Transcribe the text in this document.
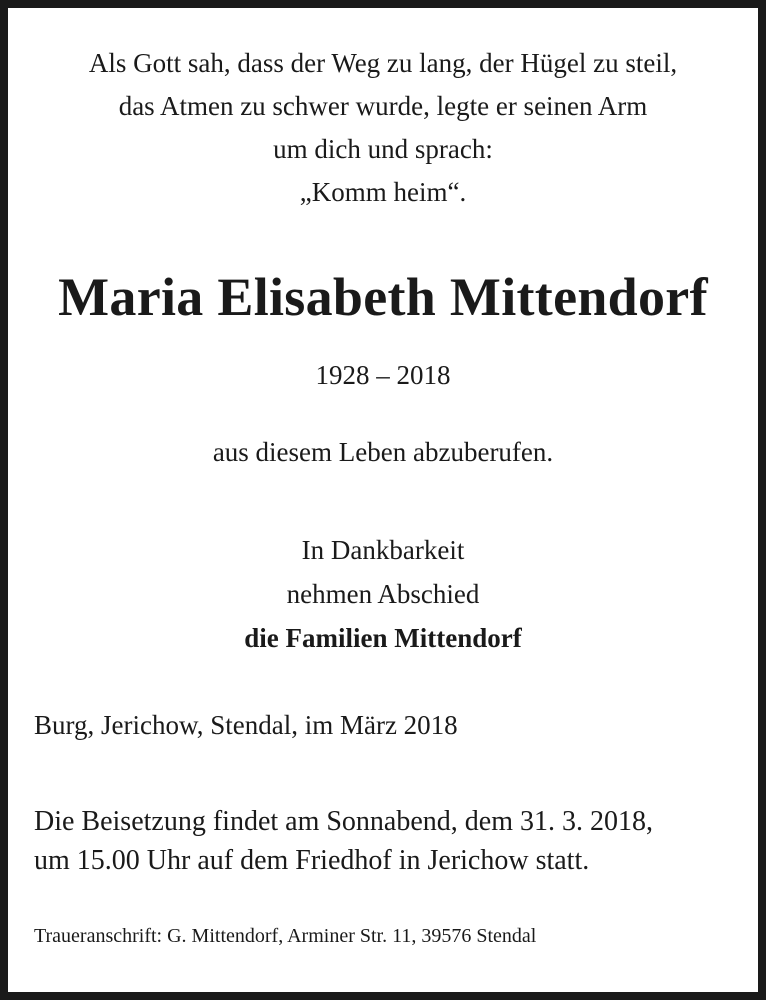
Als Gott sah, dass der Weg zu lang, der Hügel zu steil,
das Atmen zu schwer wurde, legte er seinen Arm
um dich und sprach:
„Komm heim“.
Maria Elisabeth Mittendorf
1928 – 2018
aus diesem Leben abzuberufen.
In Dankbarkeit
nehmen Abschied
die Familien Mittendorf
Burg, Jerichow, Stendal, im März 2018
Die Beisetzung findet am Sonnabend, dem 31. 3. 2018,
um 15.00 Uhr auf dem Friedhof in Jerichow statt.
Traueranschrift: G. Mittendorf, Arminer Str. 11, 39576 Stendal
